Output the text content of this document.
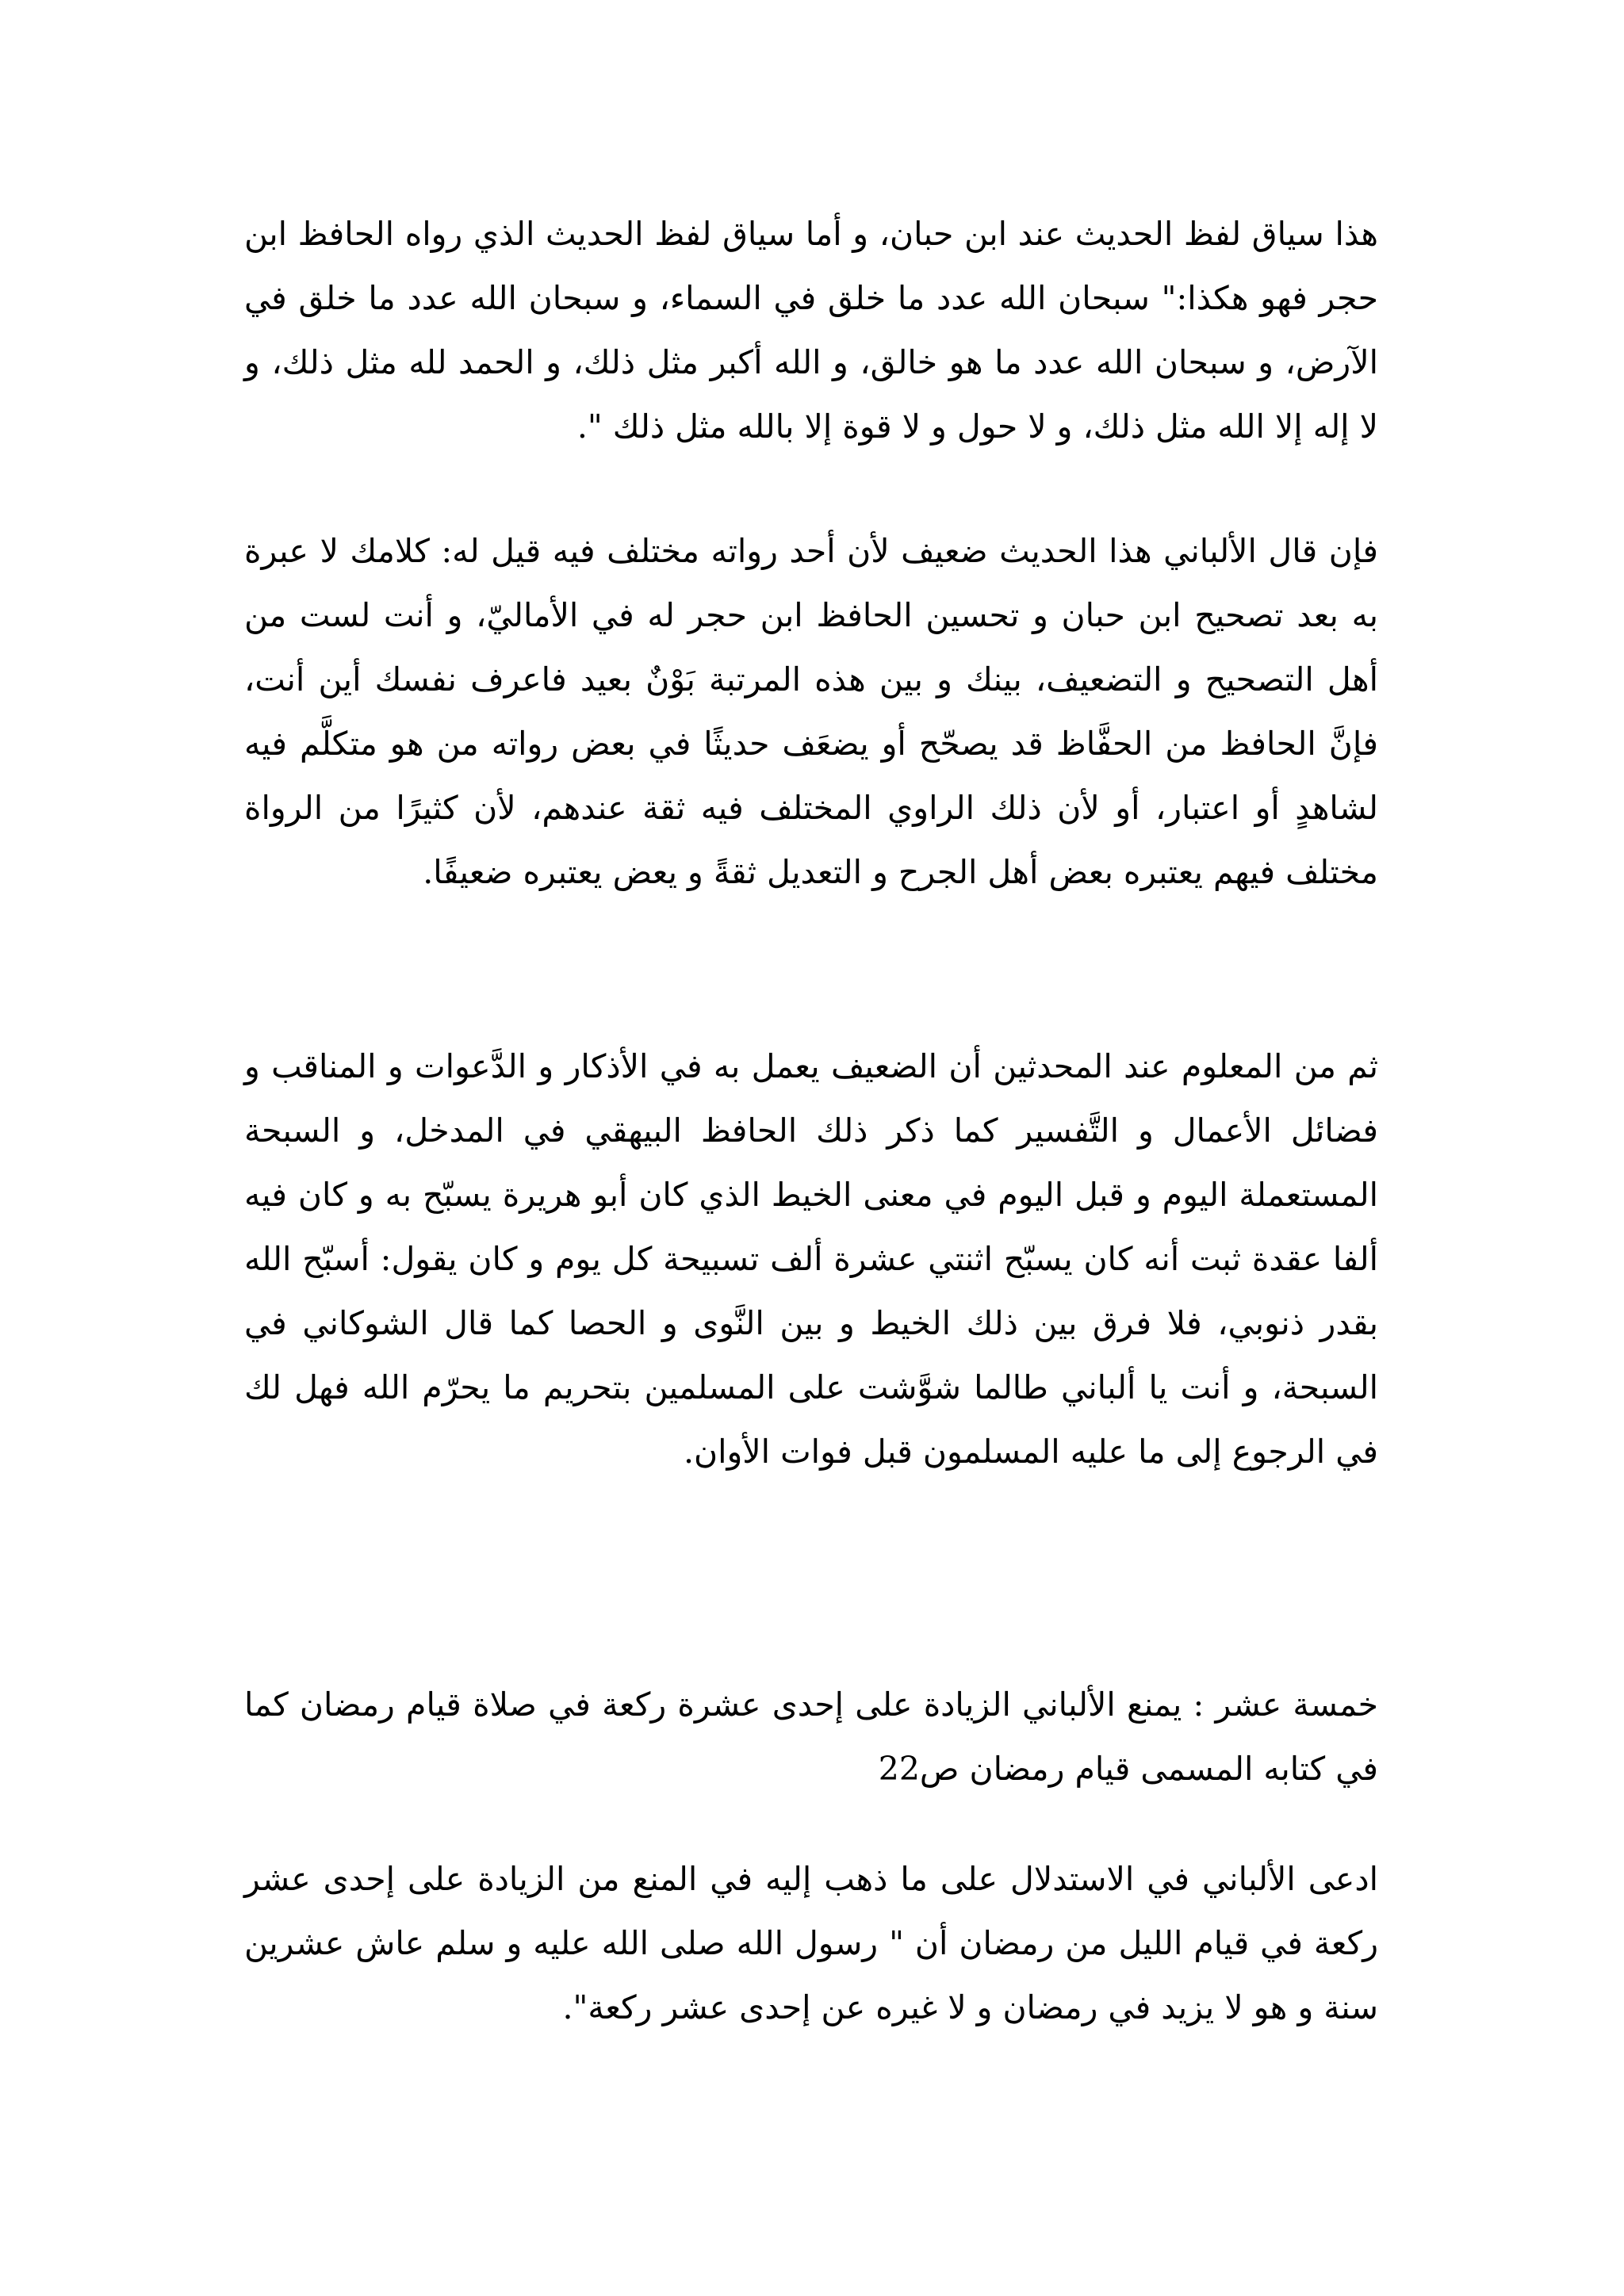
هذا سياق لفظ الحديث عند ابن حبان، و أما سياق لفظ الحديث الذي رواه الحافظ ابن حجر فهو هكذا:" سبحان الله عدد ما خلق في السماء، و سبحان الله عدد ما خلق في الآرض، و سبحان الله عدد ما هو خالق، و الله أكبر مثل ذلك، و الحمد لله مثل ذلك، و لا إله إلا الله مثل ذلك، و لا حول و لا قوة إلا بالله مثل ذلك ".

فإن قال الألباني هذا الحديث ضعيف لأن أحد رواته مختلف فيه قيل له: كلامك لا عبرة به بعد تصحيح ابن حبان و تحسين الحافظ ابن حجر له في الأماليّ، و أنت لست من أهل التصحيح و التضعيف، بينك و بين هذه المرتبة بَوْنٌ بعيد فاعرف نفسك أين أنت، فإنَّ الحافظ من الحفَّاظ قد يصحّح أو يضعَف حديثًا في بعض رواته من هو متكلَّم فيه لشاهدٍ أو اعتبار، أو لأن ذلك الراوي المختلف فيه ثقة عندهم، لأن كثيرًا من الرواة مختلف فيهم يعتبره بعض أهل الجرح و التعديل ثقةً و يعض يعتبره ضعيفًا.

ثم من المعلوم عند المحدثين أن الضعيف يعمل به في الأذكار و الدَّعوات و المناقب و فضائل الأعمال و التَّفسير كما ذكر ذلك الحافظ البيهقي في المدخل، و السبحة المستعملة اليوم و قبل اليوم في معنى الخيط الذي كان أبو هريرة يسبّح به و كان فيه ألفا عقدة ثبت أنه كان يسبّح اثنتي عشرة ألف تسبيحة كل يوم و كان يقول: أسبّح الله بقدر ذنوبي، فلا فرق بين ذلك الخيط و بين النَّوى و الحصا كما قال الشوكاني في السبحة، و أنت يا ألباني طالما شوَّشت على المسلمين بتحريم ما يحرّم الله فهل لك في الرجوع إلى ما عليه المسلمون قبل فوات الأوان.

خمسة عشر : يمنع الألباني الزيادة على إحدى عشرة ركعة في صلاة قيام رمضان كما في كتابه المسمى قيام رمضان ص22

ادعى الألباني في الاستدلال على ما ذهب إليه في المنع من الزيادة على إحدى عشر ركعة في قيام الليل من رمضان أن " رسول الله صلى الله عليه و سلم عاش عشرين سنة و هو لا يزيد في رمضان و لا غيره عن إحدى عشر ركعة".
